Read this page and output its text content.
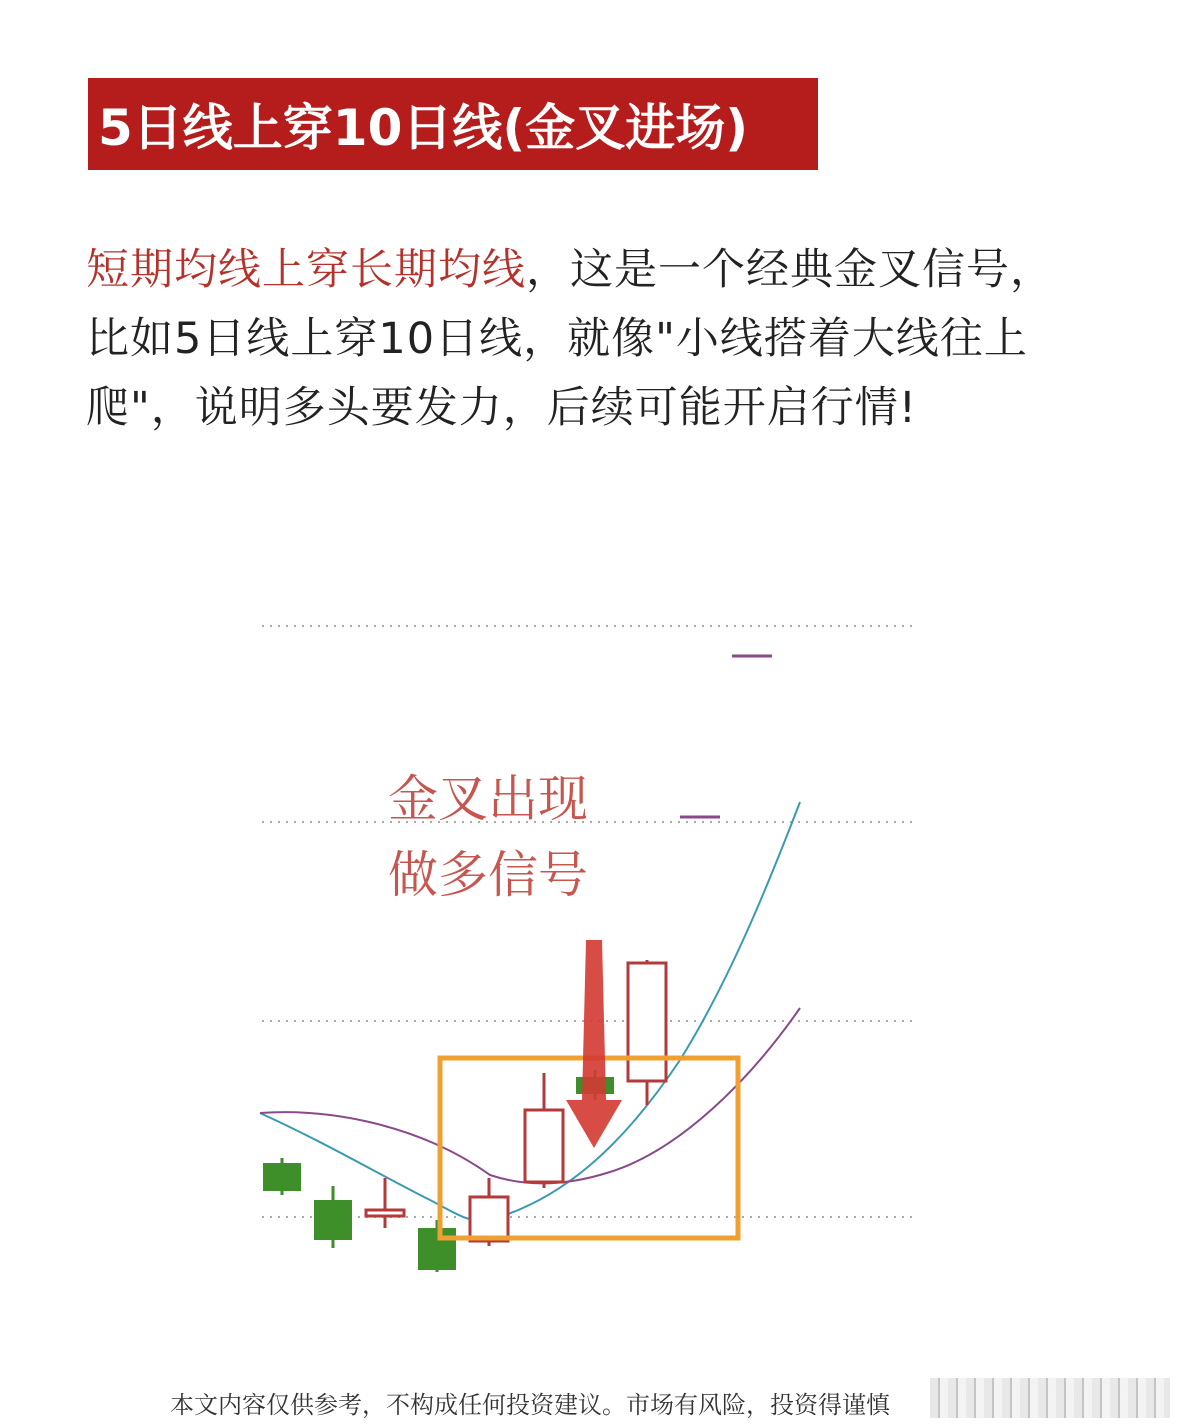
5日线上穿10日线(金叉进场)
短期均线上穿长期均线，这是一个经典金叉信号，比如5日线上穿10日线，就像"小线搭着大线往上爬"，说明多头要发力，后续可能开启行情!
金叉出现
做多信号
本文内容仅供参考，不构成任何投资建议。市场有风险，投资得谨慎
